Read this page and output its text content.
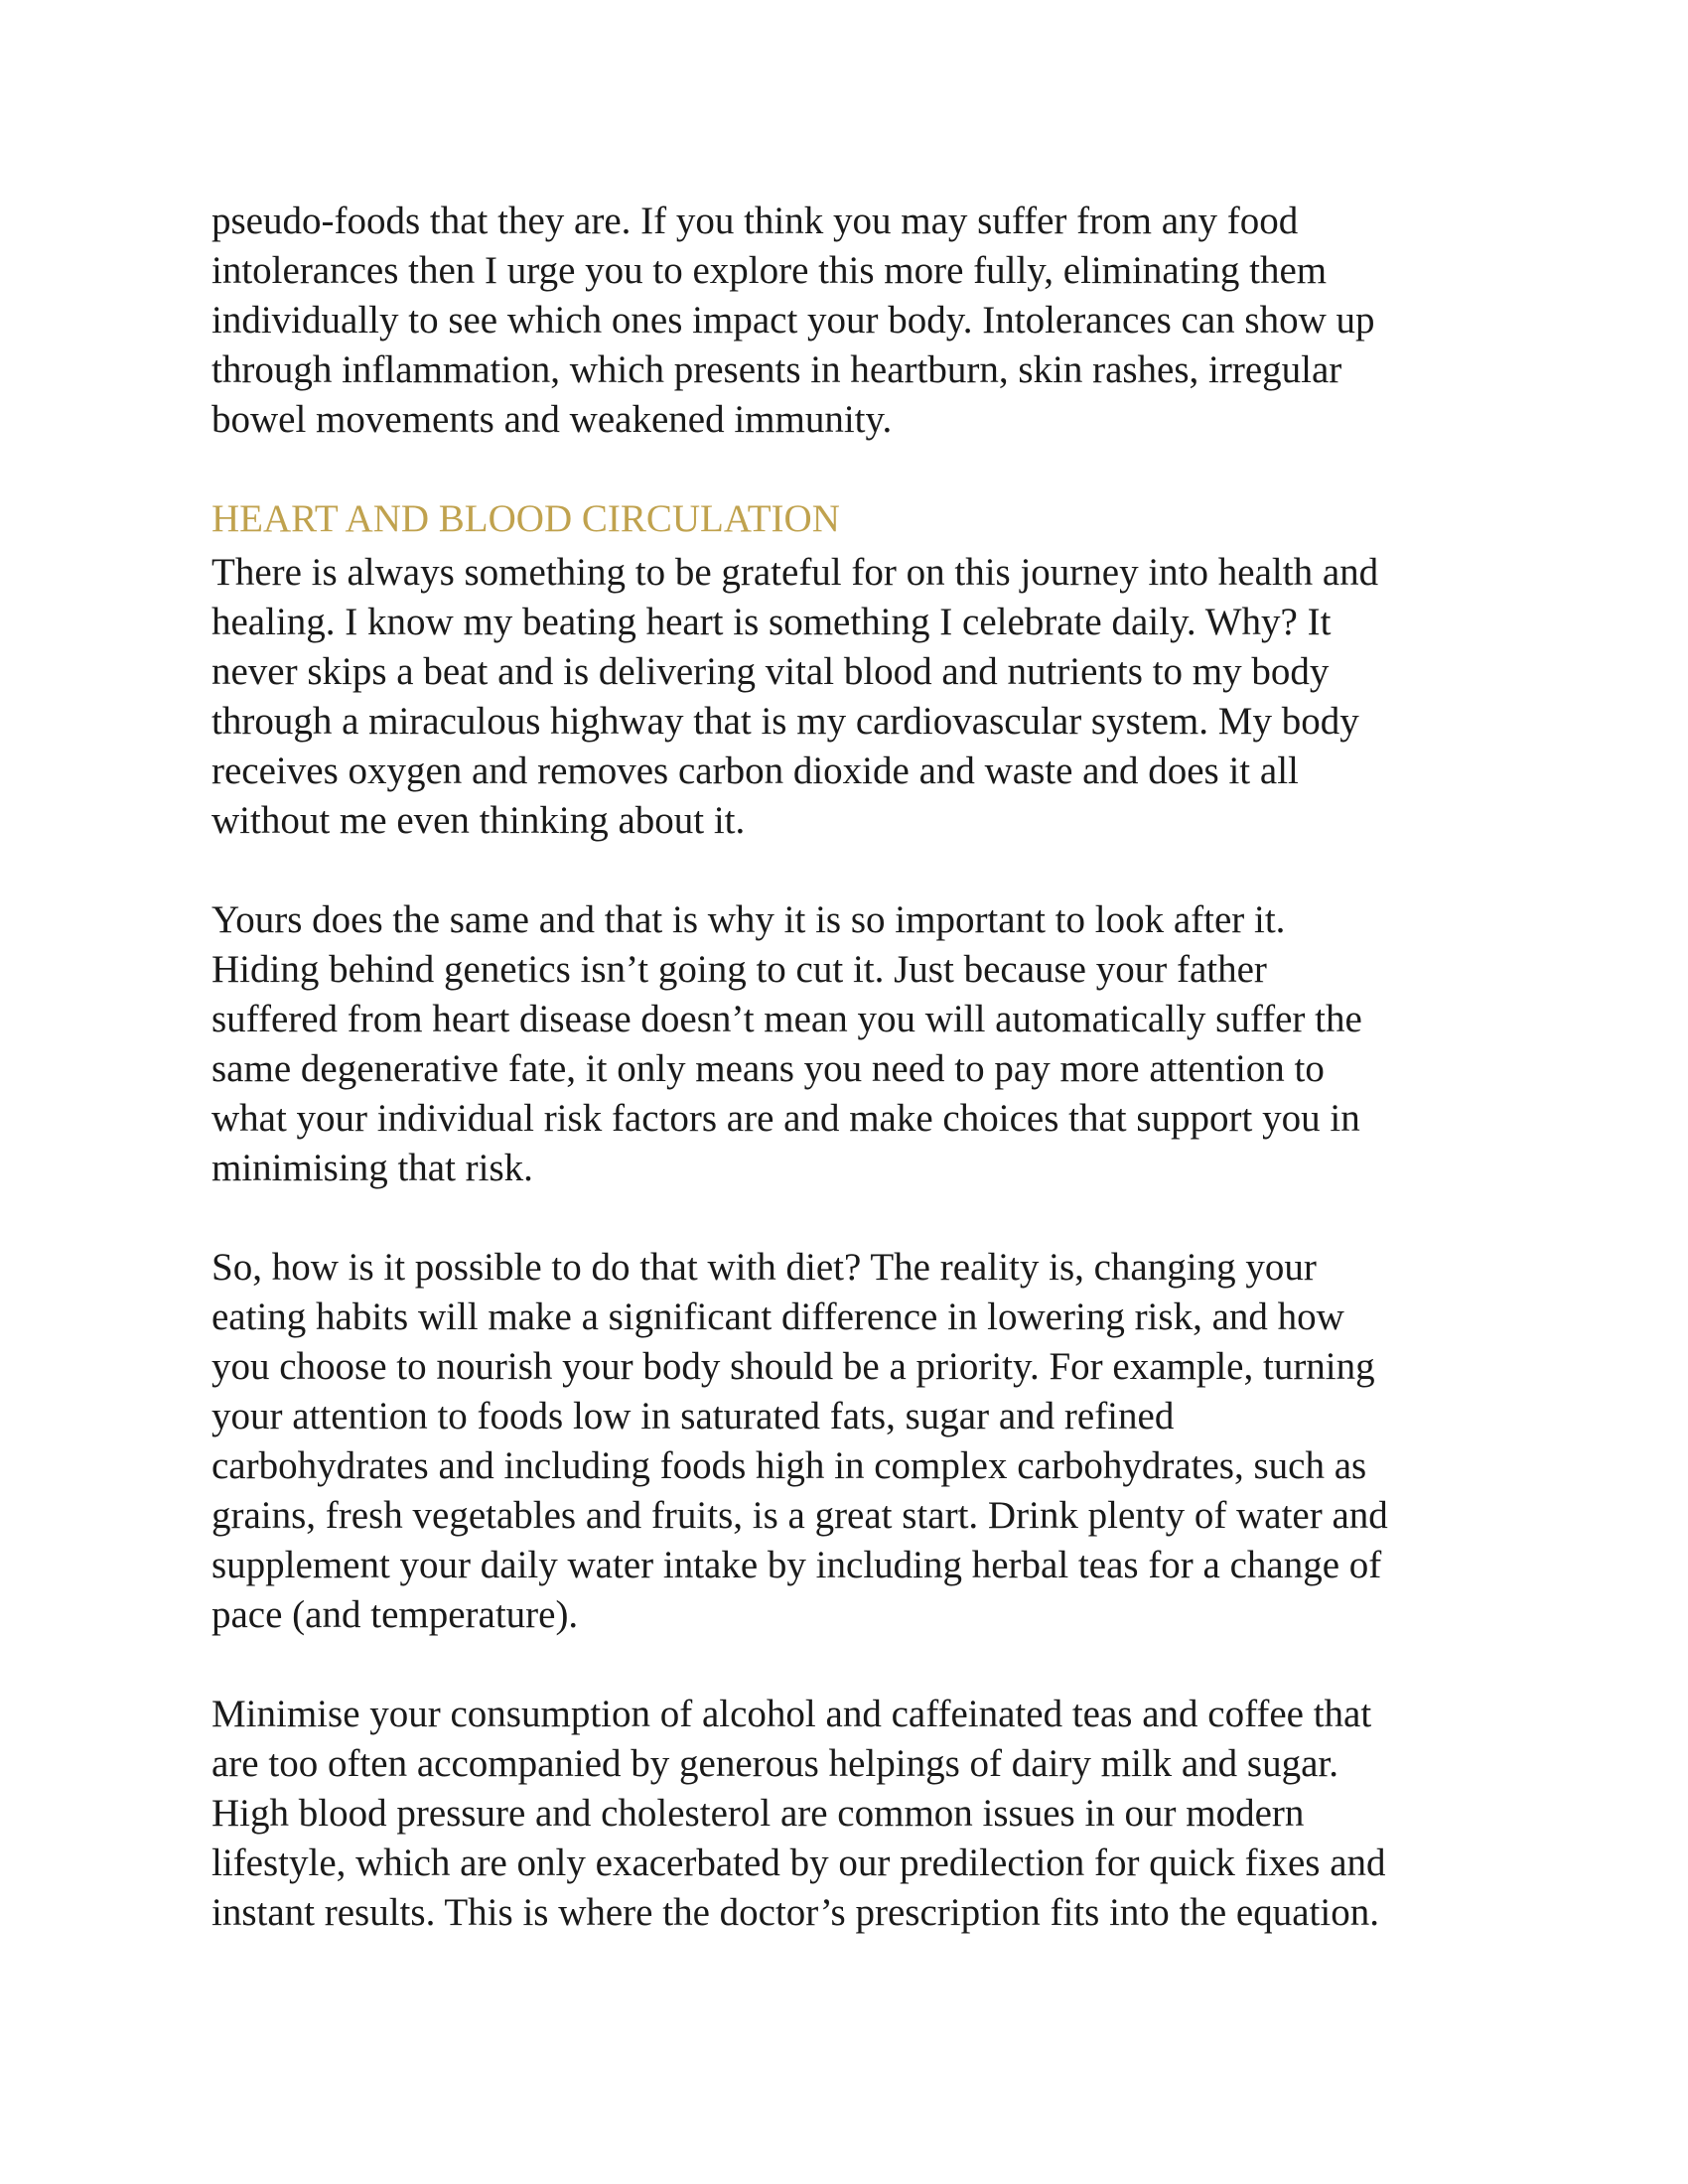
pseudo-foods that they are. If you think you may suffer from any food
intolerances then I urge you to explore this more fully, eliminating them
individually to see which ones impact your body. Intolerances can show up
through inflammation, which presents in heartburn, skin rashes, irregular
bowel movements and weakened immunity.

HEART AND BLOOD CIRCULATION

There is always something to be grateful for on this journey into health and
healing. I know my beating heart is something I celebrate daily. Why? It
never skips a beat and is delivering vital blood and nutrients to my body
through a miraculous highway that is my cardiovascular system. My body
receives oxygen and removes carbon dioxide and waste and does it all
without me even thinking about it.

Yours does the same and that is why it is so important to look after it.
Hiding behind genetics isn’t going to cut it. Just because your father
suffered from heart disease doesn’t mean you will automatically suffer the
same degenerative fate, it only means you need to pay more attention to
what your individual risk factors are and make choices that support you in
minimising that risk.

So, how is it possible to do that with diet? The reality is, changing your
eating habits will make a significant difference in lowering risk, and how
you choose to nourish your body should be a priority. For example, turning
your attention to foods low in saturated fats, sugar and refined
carbohydrates and including foods high in complex carbohydrates, such as
grains, fresh vegetables and fruits, is a great start. Drink plenty of water and
supplement your daily water intake by including herbal teas for a change of
pace (and temperature).

Minimise your consumption of alcohol and caffeinated teas and coffee that
are too often accompanied by generous helpings of dairy milk and sugar.
High blood pressure and cholesterol are common issues in our modern
lifestyle, which are only exacerbated by our predilection for quick fixes and
instant results. This is where the doctor’s prescription fits into the equation.
